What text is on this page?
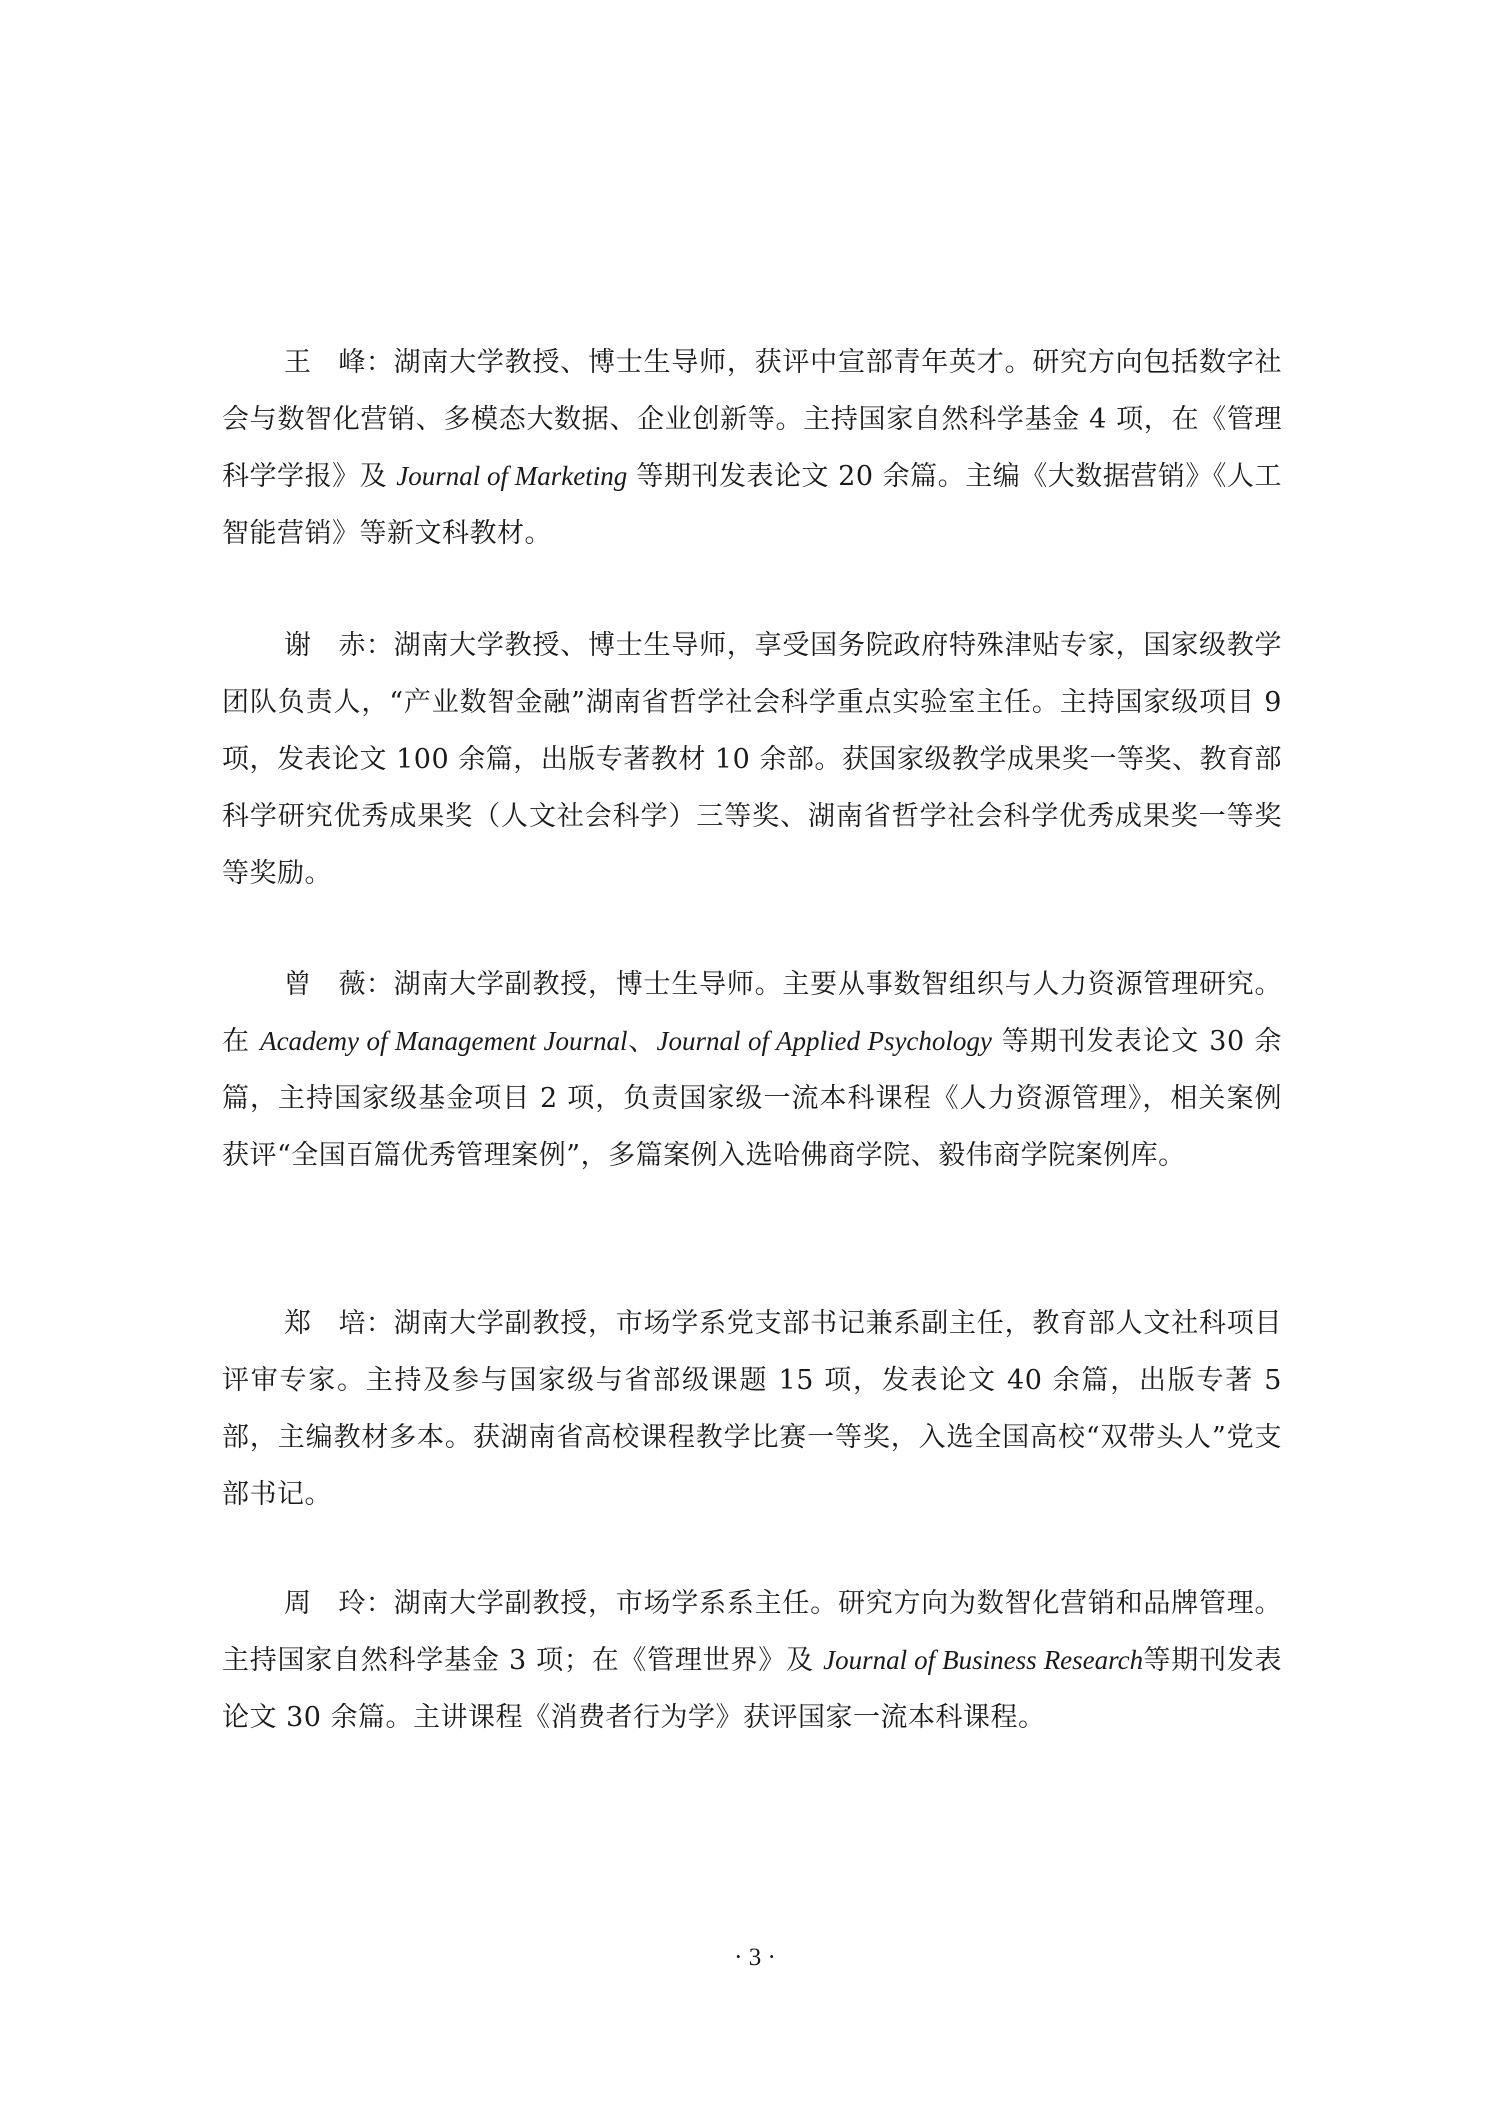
王 峰：湖南大学教授、博士生导师，获评中宣部青年英才。研究方向包括数字社会与数智化营销、多模态大数据、企业创新等。主持国家自然科学基金 4 项，在《管理科学学报》及 Journal of Marketing 等期刊发表论文 20 余篇。主编《大数据营销》《人工智能营销》等新文科教材。

谢 赤：湖南大学教授、博士生导师，享受国务院政府特殊津贴专家，国家级教学团队负责人，“产业数智金融”湖南省哲学社会科学重点实验室主任。主持国家级项目 9 项，发表论文 100 余篇，出版专著教材 10 余部。获国家级教学成果奖一等奖、教育部科学研究优秀成果奖（人文社会科学）三等奖、湖南省哲学社会科学优秀成果奖一等奖等奖励。

曾 薇：湖南大学副教授，博士生导师。主要从事数智组织与人力资源管理研究。在 Academy of Management Journal、Journal of Applied Psychology 等期刊发表论文 30 余篇，主持国家级基金项目 2 项，负责国家级一流本科课程《人力资源管理》，相关案例获评“全国百篇优秀管理案例”，多篇案例入选哈佛商学院、毅伟商学院案例库。

郑 培：湖南大学副教授，市场学系党支部书记兼系副主任，教育部人文社科项目评审专家。主持及参与国家级与省部级课题 15 项，发表论文 40 余篇，出版专著 5 部，主编教材多本。获湖南省高校课程教学比赛一等奖，入选全国高校“双带头人”党支部书记。

周 玲：湖南大学副教授，市场学系系主任。研究方向为数智化营销和品牌管理。主持国家自然科学基金 3 项；在《管理世界》及 Journal of Business Research等期刊发表论文 30 余篇。主讲课程《消费者行为学》获评国家一流本科课程。

· 3 ·
